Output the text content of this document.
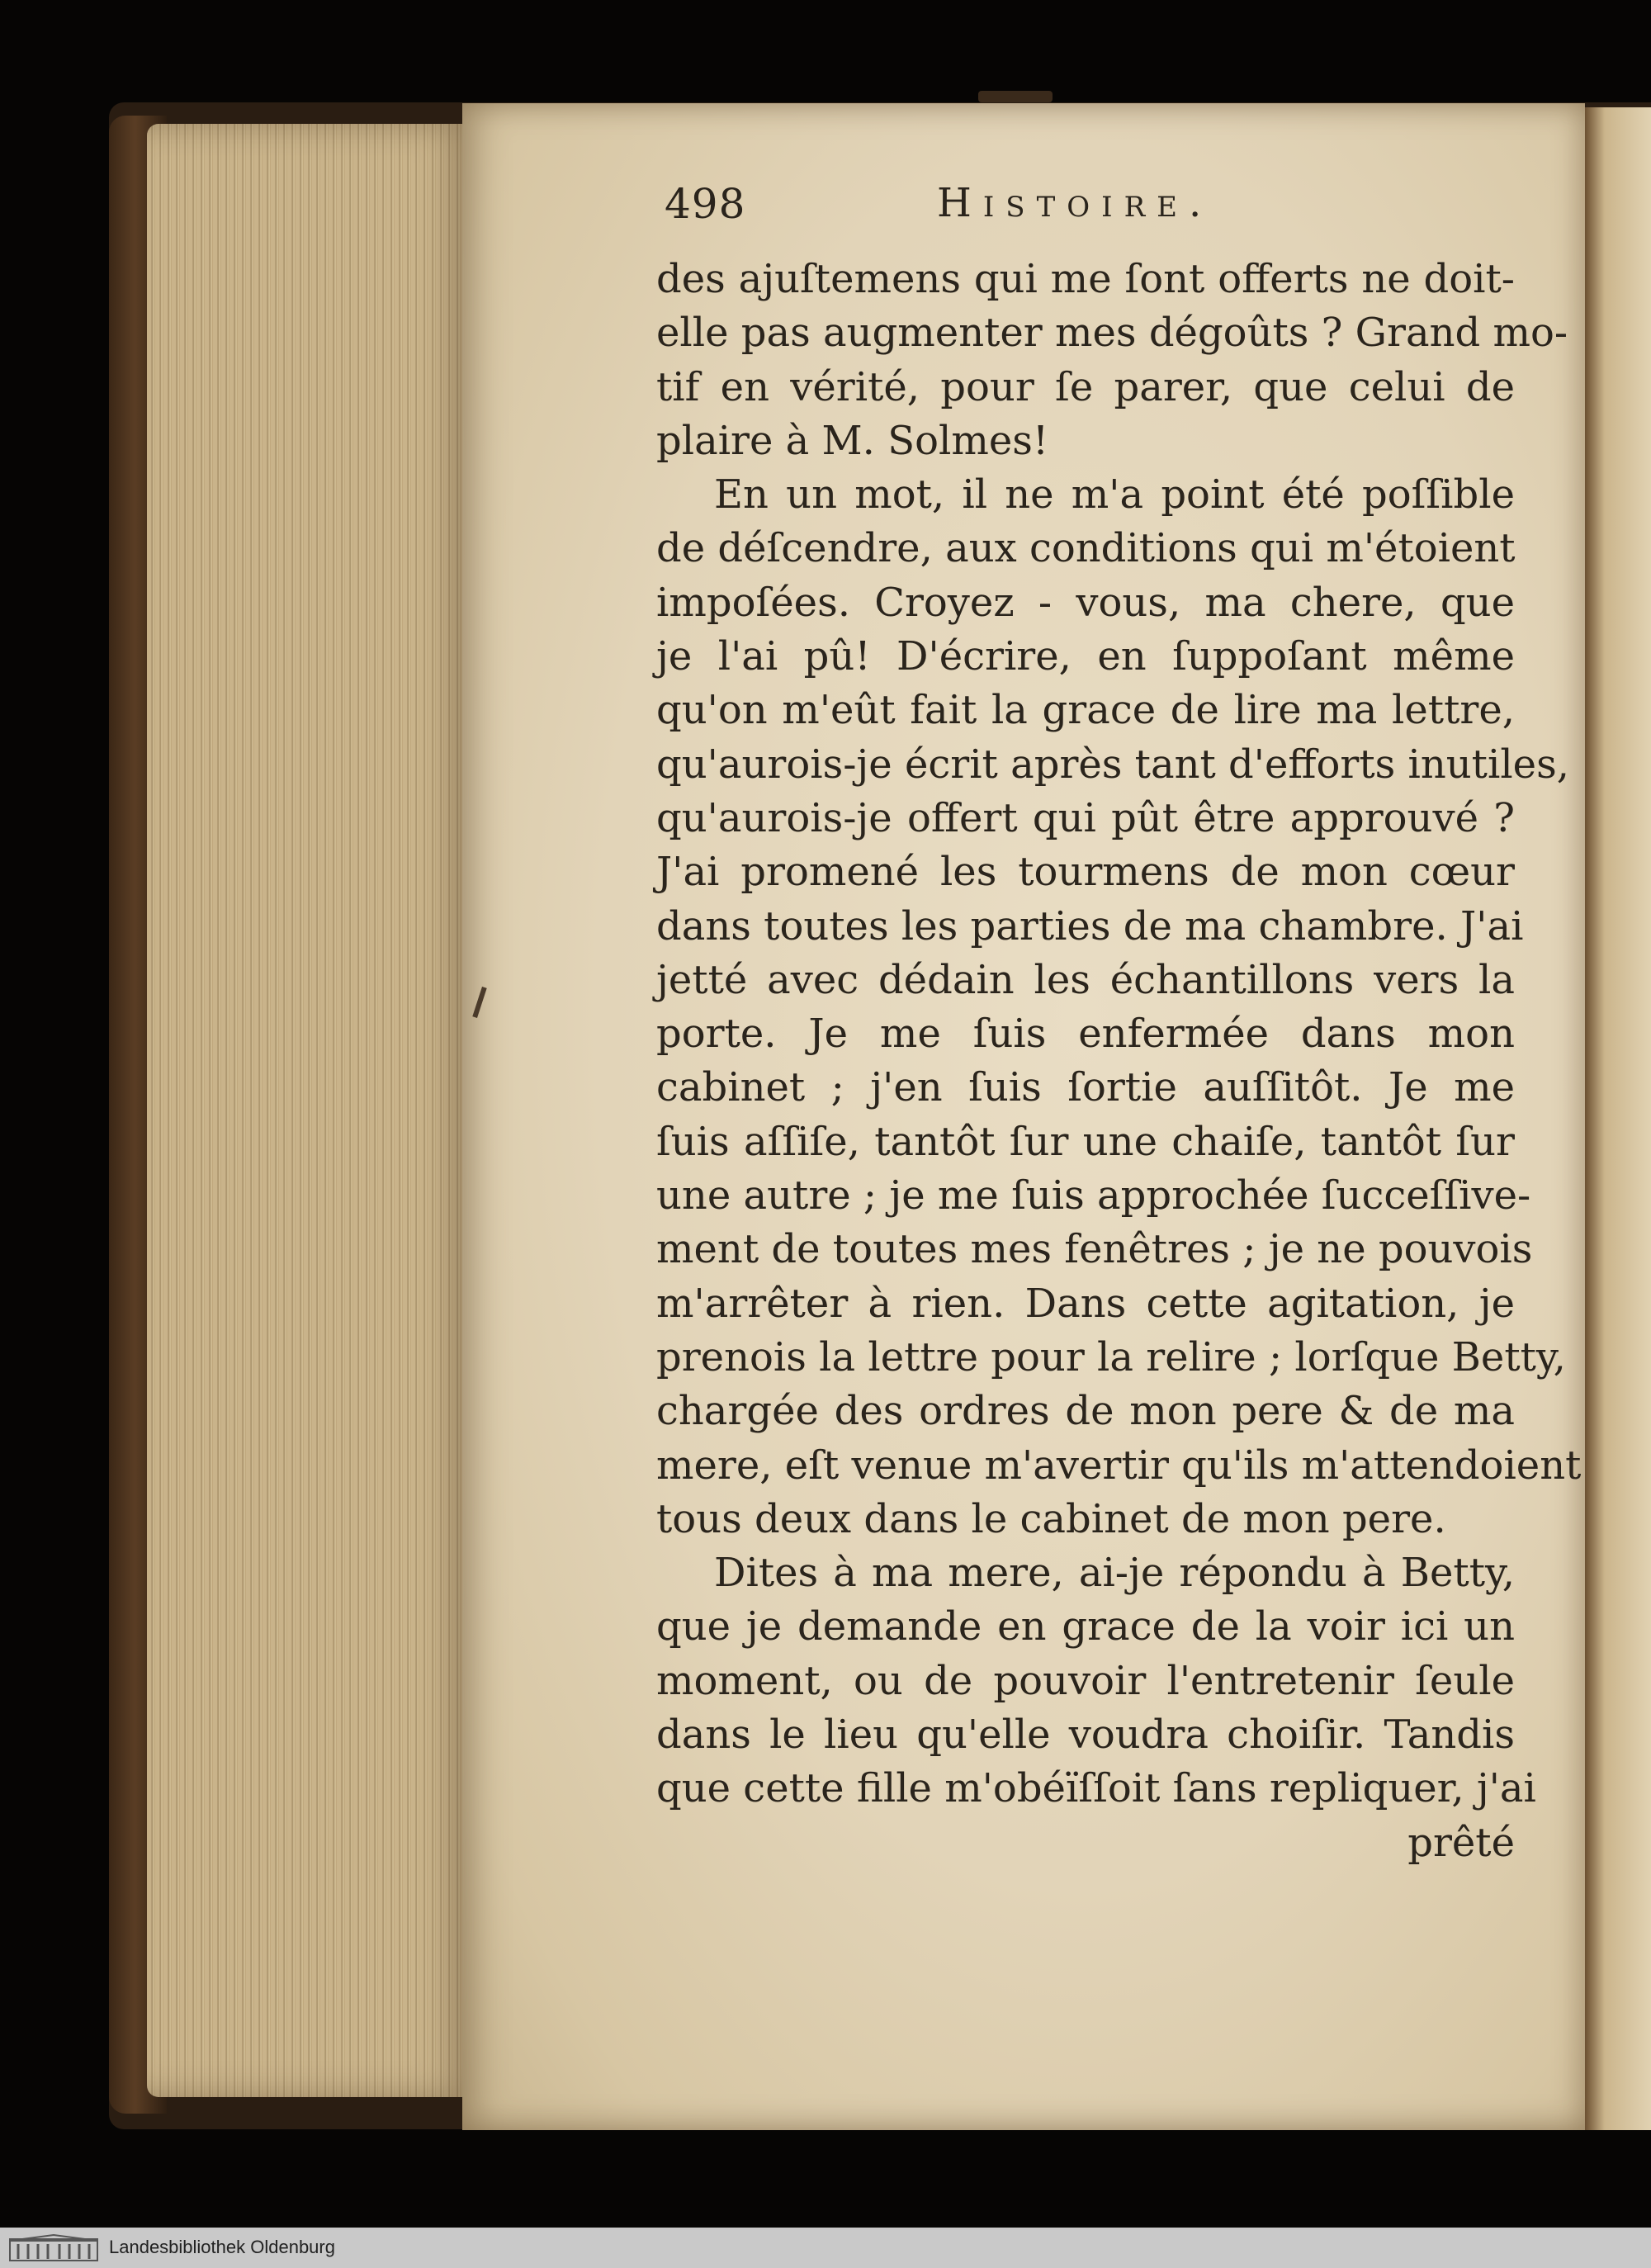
498	Histoire.
des ajuſtemens qui me ſont offerts ne doit-
elle pas augmenter mes dégoûts ? Grand mo-
tif en vérité, pour ſe parer, que celui de
plaire à M. Solmes!
En un mot, il ne m'a point été poſſible
de déſcendre, aux conditions qui m'étoient
impoſées. Croyez - vous, ma chere, que
je l'ai pû! D'écrire, en ſuppoſant même
qu'on m'eût fait la grace de lire ma lettre,
qu'aurois-je écrit après tant d'efforts inutiles,
qu'aurois-je offert qui pût être approuvé ?
J'ai promené les tourmens de mon cœur
dans toutes les parties de ma chambre. J'ai
jetté avec dédain les échantillons vers la
porte. Je me ſuis enfermée dans mon
cabinet ; j'en ſuis ſortie auſſitôt. Je me
ſuis aſſiſe, tantôt ſur une chaiſe, tantôt ſur
une autre ; je me ſuis approchée ſucceſſive-
ment de toutes mes fenêtres ; je ne pouvois
m'arrêter à rien. Dans cette agitation, je
prenois la lettre pour la relire ; lorſque Betty,
chargée des ordres de mon pere & de ma
mere, eſt venue m'avertir qu'ils m'attendoient
tous deux dans le cabinet de mon pere.
Dites à ma mere, ai-je répondu à Betty,
que je demande en grace de la voir ici un
moment, ou de pouvoir l'entretenir ſeule
dans le lieu qu'elle voudra choiſir. Tandis
que cette fille m'obéïſſoit ſans repliquer, j'ai
prêté
Landesbibliothek Oldenburg
